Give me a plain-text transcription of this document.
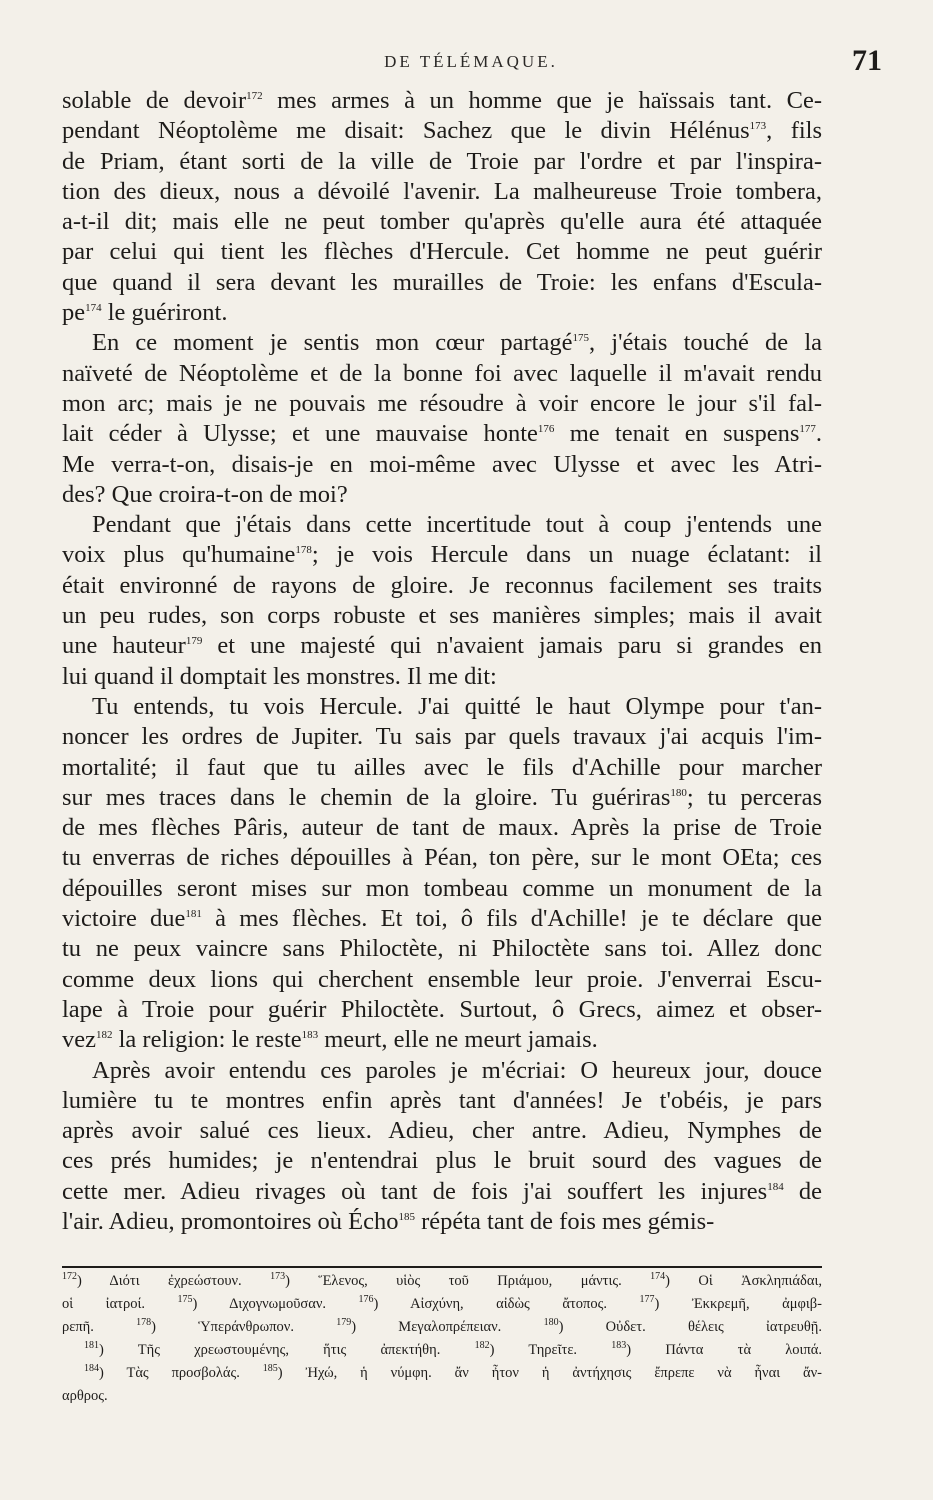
DE TÉLÉMAQUE.	71
solable de devoir$^{172}$ mes armes à un homme que je haïssais tant. Ce-
pendant Néoptolème me disait: Sachez que le divin Hélénus$^{173}$, fils
de Priam, étant sorti de la ville de Troie par l'ordre et par l'inspira-
tion des dieux, nous a dévoilé l'avenir. La malheureuse Troie tombera,
a-t-il dit; mais elle ne peut tomber qu'après qu'elle aura été attaquée
par celui qui tient les flèches d'Hercule. Cet homme ne peut guérir
que quand il sera devant les murailles de Troie: les enfans d'Escula-
pe$^{174}$ le guériront.
En ce moment je sentis mon cœur partagé$^{175}$, j'étais touché de la
naïveté de Néoptolème et de la bonne foi avec laquelle il m'avait rendu
mon arc; mais je ne pouvais me résoudre à voir encore le jour s'il fal-
lait céder à Ulysse; et une mauvaise honte$^{176}$ me tenait en suspens$^{177}$.
Me verra-t-on, disais-je en moi-même avec Ulysse et avec les Atri-
des? Que croira-t-on de moi?
Pendant que j'étais dans cette incertitude tout à coup j'entends une
voix plus qu'humaine$^{178}$; je vois Hercule dans un nuage éclatant: il
était environné de rayons de gloire. Je reconnus facilement ses traits
un peu rudes, son corps robuste et ses manières simples; mais il avait
une hauteur$^{179}$ et une majesté qui n'avaient jamais paru si grandes en
lui quand il domptait les monstres. Il me dit:
Tu entends, tu vois Hercule. J'ai quitté le haut Olympe pour t'an-
noncer les ordres de Jupiter. Tu sais par quels travaux j'ai acquis l'im-
mortalité; il faut que tu ailles avec le fils d'Achille pour marcher
sur mes traces dans le chemin de la gloire. Tu guériras$^{180}$; tu perceras
de mes flèches Pâris, auteur de tant de maux. Après la prise de Troie
tu enverras de riches dépouilles à Péan, ton père, sur le mont OEta; ces
dépouilles seront mises sur mon tombeau comme un monument de la
victoire due$^{181}$ à mes flèches. Et toi, ô fils d'Achille! je te déclare que
tu ne peux vaincre sans Philoctète, ni Philoctète sans toi. Allez donc
comme deux lions qui cherchent ensemble leur proie. J'enverrai Escu-
lape à Troie pour guérir Philoctète. Surtout, ô Grecs, aimez et obser-
vez$^{182}$ la religion: le reste$^{183}$ meurt, elle ne meurt jamais.
Après avoir entendu ces paroles je m'écriai: O heureux jour, douce
lumière tu te montres enfin après tant d'années! Je t'obéis, je pars
après avoir salué ces lieux. Adieu, cher antre. Adieu, Nymphes de
ces prés humides; je n'entendrai plus le bruit sourd des vagues de
cette mer. Adieu rivages où tant de fois j'ai souffert les injures$^{184}$ de
l'air. Adieu, promontoires où Écho$^{185}$ répéta tant de fois mes gémis-
$^{172}$) Διότι ἐχρεώστουν. $^{173}$) Ἕλενος, υἱὸς τοῦ Πριάμου, μάντις. $^{174}$) Οἱ Ἀσκληπιάδαι,
οἱ ἰατροί. $^{175}$) Διχογνωμοῦσαν. $^{176}$) Αἰσχύνη, αἰδὼς ἄτοπος. $^{177}$) Ἐκκρεμῆ, ἀμφιβ-
ρεπῆ. $^{178}$) Ὑπεράνθρωπον. $^{179}$) Μεγαλοπρέπειαν. $^{180}$) Οὐδετ. θέλεις ἰατρευθῇ.
$^{181}$) Τῆς χρεωστουμένης, ἥτις ἀπεκτήθη. $^{182}$) Τηρεῖτε. $^{183}$) Πάντα τὰ λοιπά.
$^{184}$) Τὰς προσβολάς. $^{185}$) Ἠχώ, ἡ νύμφη. ἄν ἦτον ἡ ἀντήχησις ἔπρεπε νὰ ἦναι ἄν-
αρθρος.
